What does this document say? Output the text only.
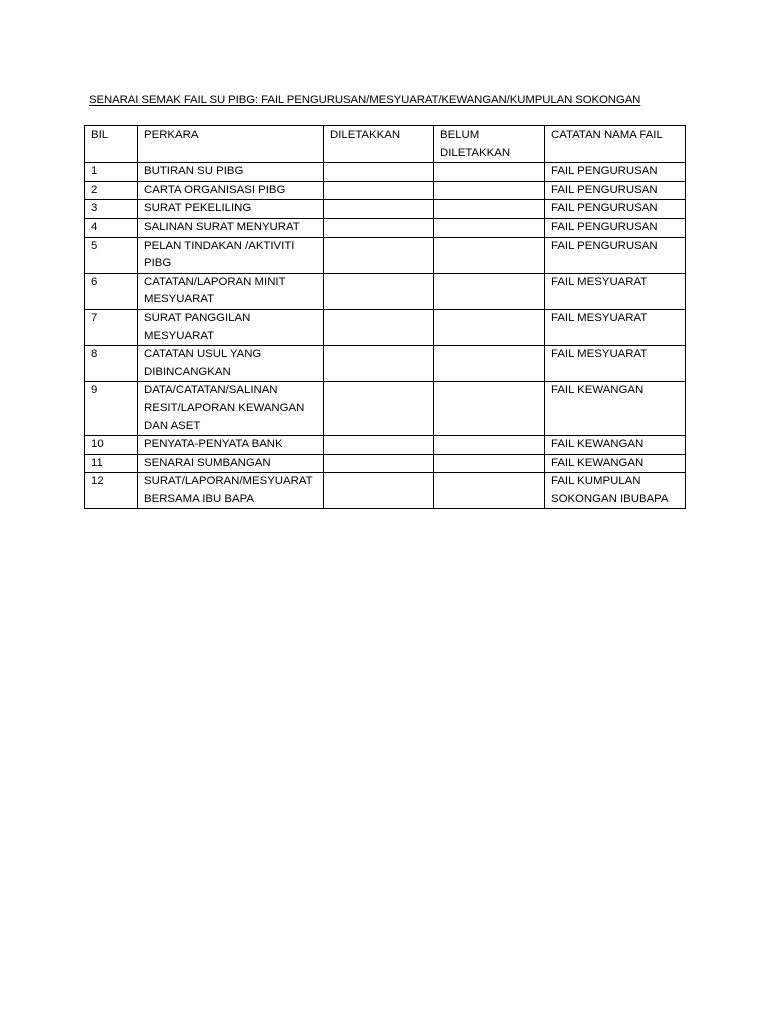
SENARAI SEMAK FAIL SU PIBG: FAIL PENGURUSAN/MESYUARAT/KEWANGAN/KUMPULAN SOKONGAN
BIL	PERKARA	DILETAKKAN	BELUM DILETAKKAN	CATATAN NAMA FAIL
1	BUTIRAN SU PIBG			FAIL PENGURUSAN
2	CARTA ORGANISASI PIBG			FAIL PENGURUSAN
3	SURAT PEKELILING			FAIL PENGURUSAN
4	SALINAN SURAT MENYURAT			FAIL PENGURUSAN
5	PELAN TINDAKAN /AKTIVITI PIBG			FAIL PENGURUSAN
6	CATATAN/LAPORAN MINIT MESYUARAT			FAIL MESYUARAT
7	SURAT PANGGILAN MESYUARAT			FAIL MESYUARAT
8	CATATAN USUL YANG DIBINCANGKAN			FAIL MESYUARAT
9	DATA/CATATAN/SALINAN RESIT/LAPORAN KEWANGAN DAN ASET			FAIL KEWANGAN
10	PENYATA-PENYATA BANK			FAIL KEWANGAN
11	SENARAI SUMBANGAN			FAIL KEWANGAN
12	SURAT/LAPORAN/MESYUARAT BERSAMA IBU BAPA			FAIL KUMPULAN SOKONGAN IBUBAPA
